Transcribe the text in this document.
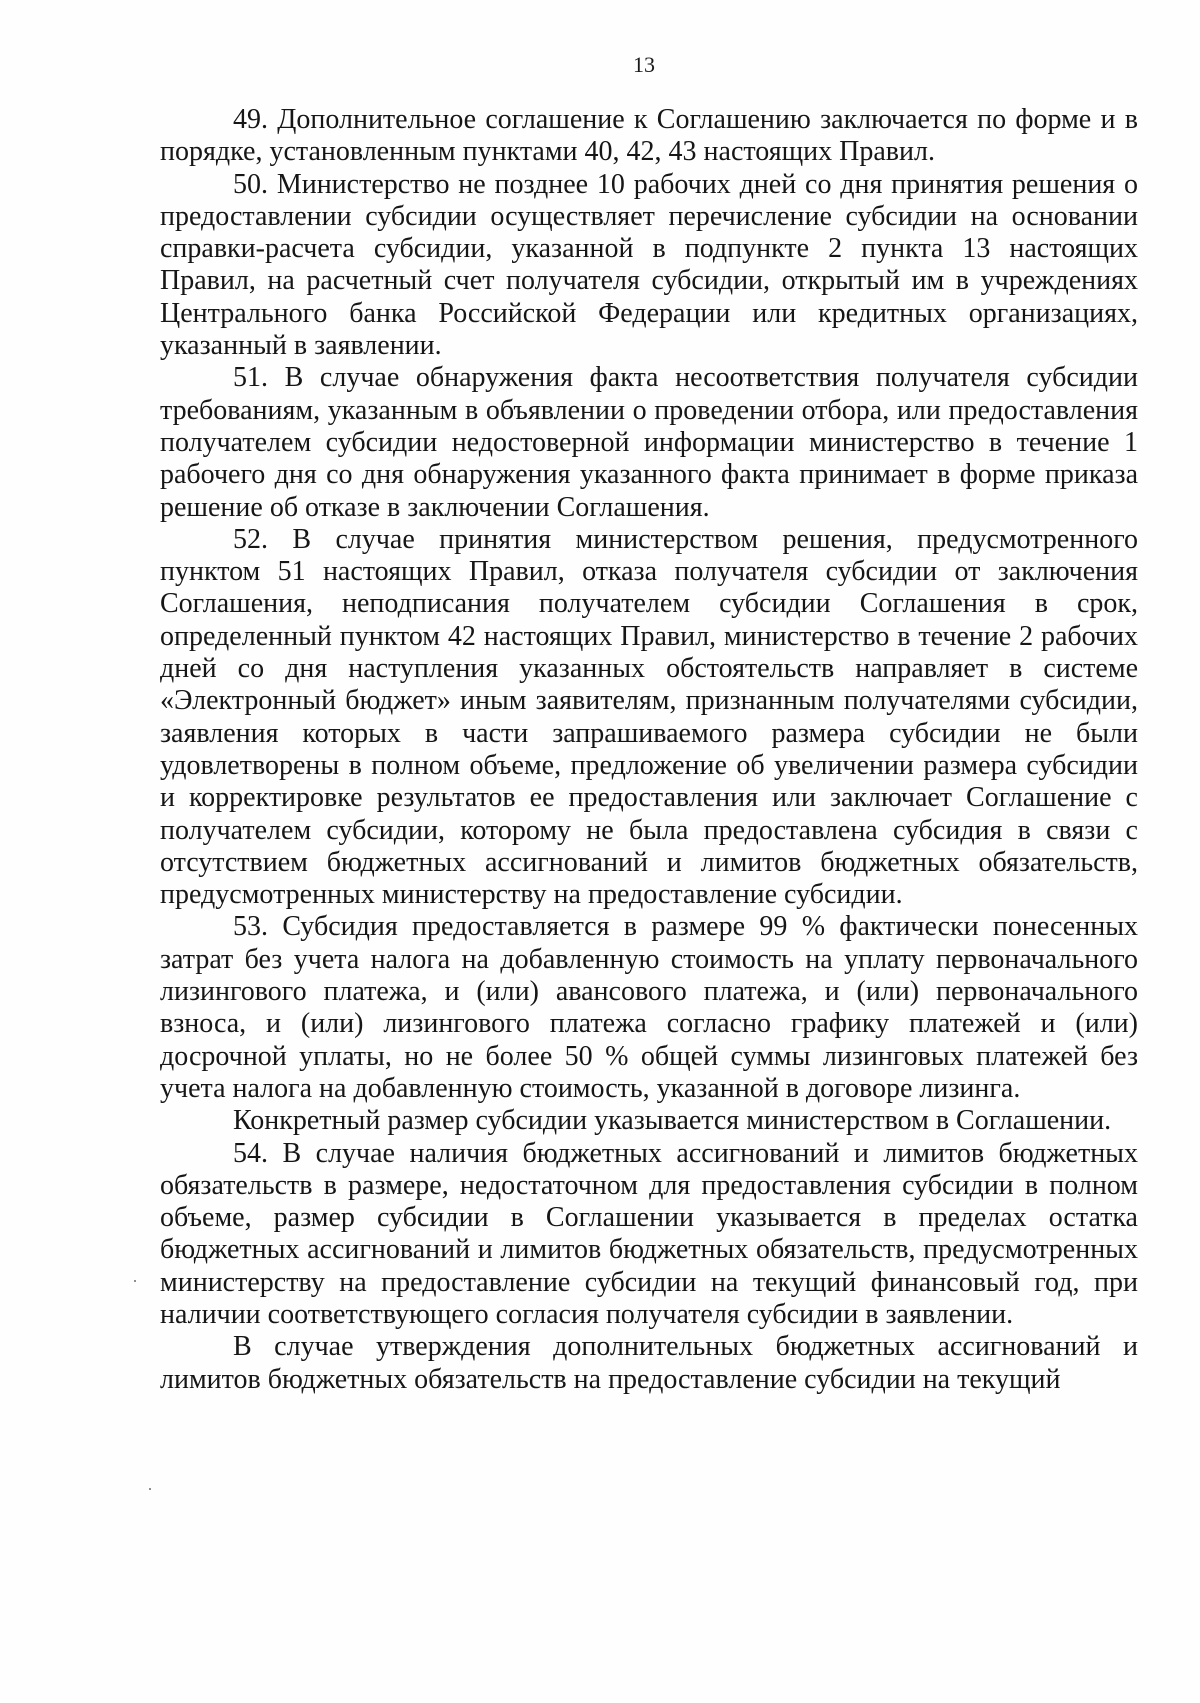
13

49. Дополнительное соглашение к Соглашению заключается по форме и в порядке, установленным пунктами 40, 42, 43 настоящих Правил.

50. Министерство не позднее 10 рабочих дней со дня принятия решения о предоставлении субсидии осуществляет перечисление субсидии на основании справки-расчета субсидии, указанной в подпункте 2 пункта 13 настоящих Правил, на расчетный счет получателя субсидии, открытый им в учреждениях Центрального банка Российской Федерации или кредитных организациях, указанный в заявлении.

51. В случае обнаружения факта несоответствия получателя субсидии требованиям, указанным в объявлении о проведении отбора, или предоставления получателем субсидии недостоверной информации министерство в течение 1 рабочего дня со дня обнаружения указанного факта принимает в форме приказа решение об отказе в заключении Соглашения.

52. В случае принятия министерством решения, предусмотренного пунктом 51 настоящих Правил, отказа получателя субсидии от заключения Соглашения, неподписания получателем субсидии Соглашения в срок, определенный пунктом 42 настоящих Правил, министерство в течение 2 рабочих дней со дня наступления указанных обстоятельств направляет в системе «Электронный бюджет» иным заявителям, признанным получателями субсидии, заявления которых в части запрашиваемого размера субсидии не были удовлетворены в полном объеме, предложение об увеличении размера субсидии и корректировке результатов ее предоставления или заключает Соглашение с получателем субсидии, которому не была предоставлена субсидия в связи с отсутствием бюджетных ассигнований и лимитов бюджетных обязательств, предусмотренных министерству на предоставление субсидии.

53. Субсидия предоставляется в размере 99 % фактически понесенных затрат без учета налога на добавленную стоимость на уплату первоначального лизингового платежа, и (или) авансового платежа, и (или) первоначального взноса, и (или) лизингового платежа согласно графику платежей и (или) досрочной уплаты, но не более 50 % общей суммы лизинговых платежей без учета налога на добавленную стоимость, указанной в договоре лизинга.

Конкретный размер субсидии указывается министерством в Соглашении.

54. В случае наличия бюджетных ассигнований и лимитов бюджетных обязательств в размере, недостаточном для предоставления субсидии в полном объеме, размер субсидии в Соглашении указывается в пределах остатка бюджетных ассигнований и лимитов бюджетных обязательств, предусмотренных министерству на предоставление субсидии на текущий финансовый год, при наличии соответствующего согласия получателя субсидии в заявлении.

В случае утверждения дополнительных бюджетных ассигнований и лимитов бюджетных обязательств на предоставление субсидии на текущий
